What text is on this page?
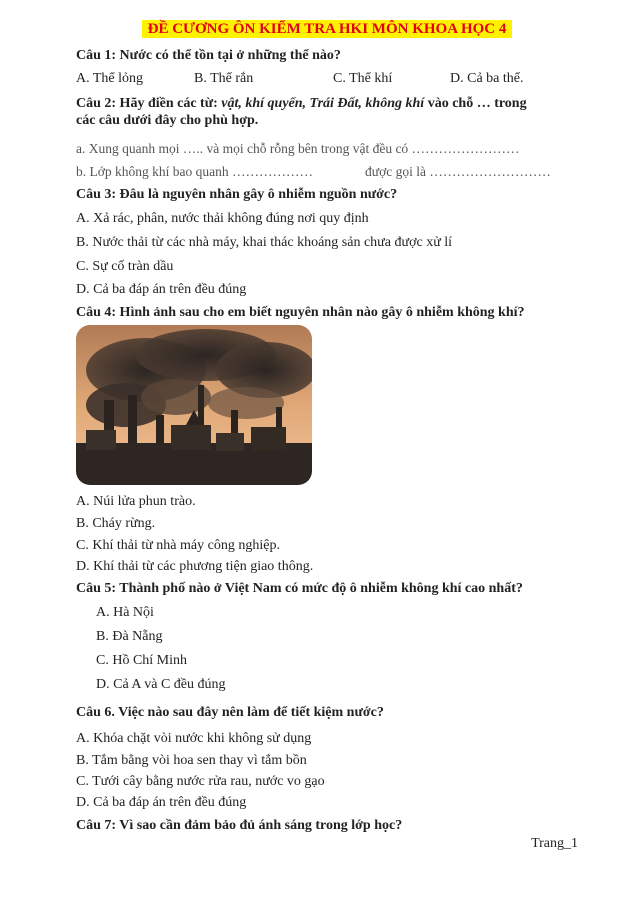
ĐỀ CƯƠNG ÔN KIỂM TRA HKI MÔN KHOA HỌC 4
Câu 1: Nước có thể tồn tại ở những thể nào?
A. Thể lỏng	B. Thể rắn	C. Thể khí	D. Cả ba thể.
Câu 2: Hãy điền các từ: vật, khí quyển, Trái Đất, không khí vào chỗ … trong
các câu dưới đây cho phù hợp.
a. Xung quanh mọi ….. và mọi chỗ rỗng bên trong vật đều có ……………………
b. Lớp không khí bao quanh ………………	được gọi là ………………………
Câu 3: Đâu là nguyên nhân gây ô nhiễm nguồn nước?
A. Xả rác, phân, nước thải không đúng nơi quy định
B. Nước thải từ các nhà máy, khai thác khoáng sản chưa được xử lí
C. Sự cố tràn dầu
D. Cả ba đáp án trên đều đúng
Câu 4: Hình ảnh sau cho em biết nguyên nhân nào gây ô nhiễm không khí?
A. Núi lửa phun trào.
B. Cháy rừng.
C. Khí thải từ nhà máy công nghiệp.
D. Khí thải từ các phương tiện giao thông.
Câu 5: Thành phố nào ở Việt Nam có mức độ ô nhiễm không khí cao nhất?
A. Hà Nội
B. Đà Nẵng
C. Hồ Chí Minh
D. Cả A và C đều đúng
Câu 6. Việc nào sau đây nên làm để tiết kiệm nước?
A. Khóa chặt vòi nước khi không sử dụng
B. Tắm bằng vòi hoa sen thay vì tắm bồn
C. Tưới cây bằng nước rửa rau, nước vo gạo
D. Cả ba đáp án trên đều đúng
Câu 7: Vì sao cần đảm bảo đủ ánh sáng trong lớp học?
Trang_1
